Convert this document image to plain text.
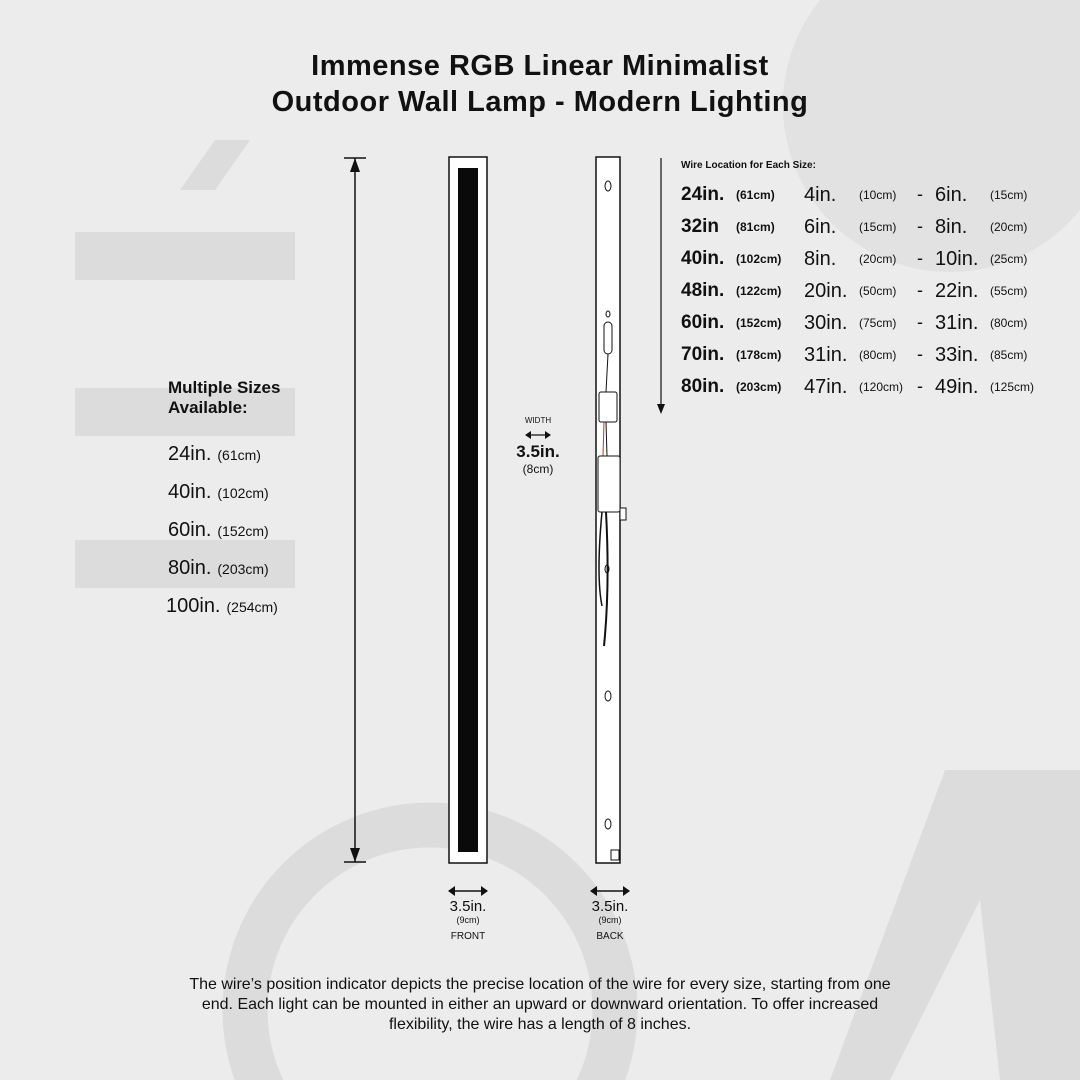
Immense RGB Linear Minimalist
Outdoor Wall Lamp - Modern Lighting
Multiple Sizes
Available:
24in. (61cm)
40in. (102cm)
60in. (152cm)
80in. (203cm)
100in. (254cm)
WIDTH
3.5in.
(8cm)
Wire Location for Each Size:
24in. (61cm) 4in. (10cm) - 6in. (15cm)
32in (81cm) 6in. (15cm) - 8in. (20cm)
40in. (102cm) 8in. (20cm) - 10in. (25cm)
48in. (122cm) 20in. (50cm) - 22in. (55cm)
60in. (152cm) 30in. (75cm) - 31in. (80cm)
70in. (178cm) 31in. (80cm) - 33in. (85cm)
80in. (203cm) 47in. (120cm) - 49in. (125cm)
3.5in.
(9cm)
FRONT
3.5in.
(9cm)
BACK
The wire’s position indicator depicts the precise location of the wire for every size, starting from one
end. Each light can be mounted in either an upward or downward orientation. To offer increased
flexibility, the wire has a length of 8 inches.
